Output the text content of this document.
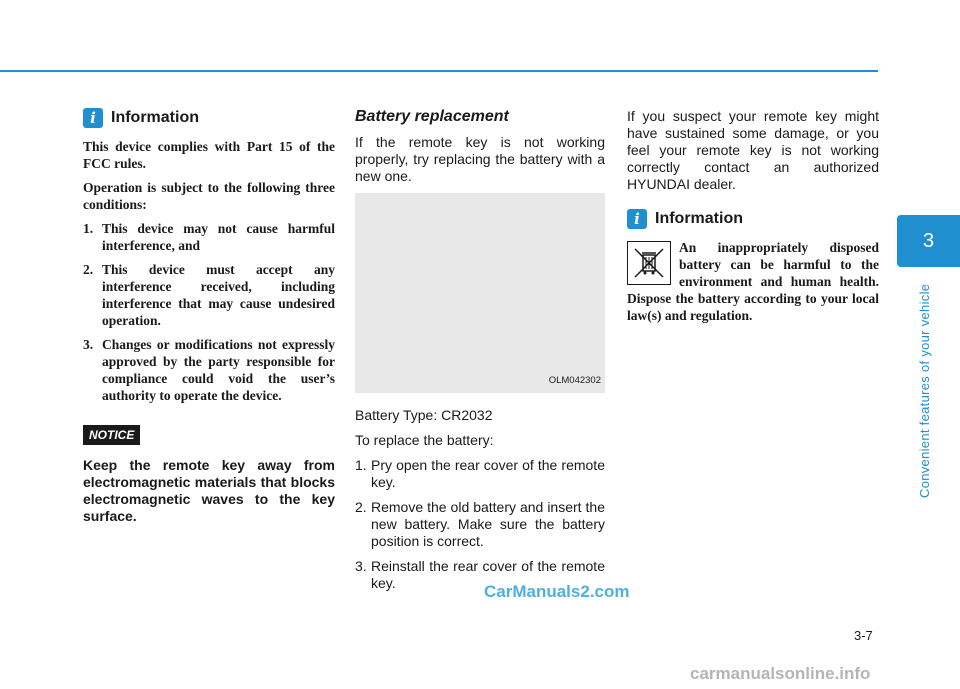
3
Convenient features of your vehicle
i Information

This device complies with Part 15 of the FCC rules.

Operation is subject to the following three conditions:

1. This device may not cause harmful interference, and
2. This device must accept any interference received, including interference that may cause undesired operation.
3. Changes or modifications not expressly approved by the party responsible for compliance could void the user’s authority to operate the device.
NOTICE
Keep the remote key away from electromagnetic materials that blocks electromagnetic waves to the key surface.
Battery replacement

If the remote key is not working properly, try replacing the battery with a new one.

OLM042302

Battery Type: CR2032

To replace the battery:

1. Pry open the rear cover of the remote key.
2. Remove the old battery and insert the new battery. Make sure the battery position is correct.
3. Reinstall the rear cover of the remote key.

If you suspect your remote key might have sustained some damage, or you feel your remote key is not working correctly contact an authorized HYUNDAI dealer.

i Information
An inappropriately disposed battery can be harmful to the environment and human health. Dispose the battery according to your local law(s) and regulation.
3-7
CarManuals2.com
carmanualsonline.info
